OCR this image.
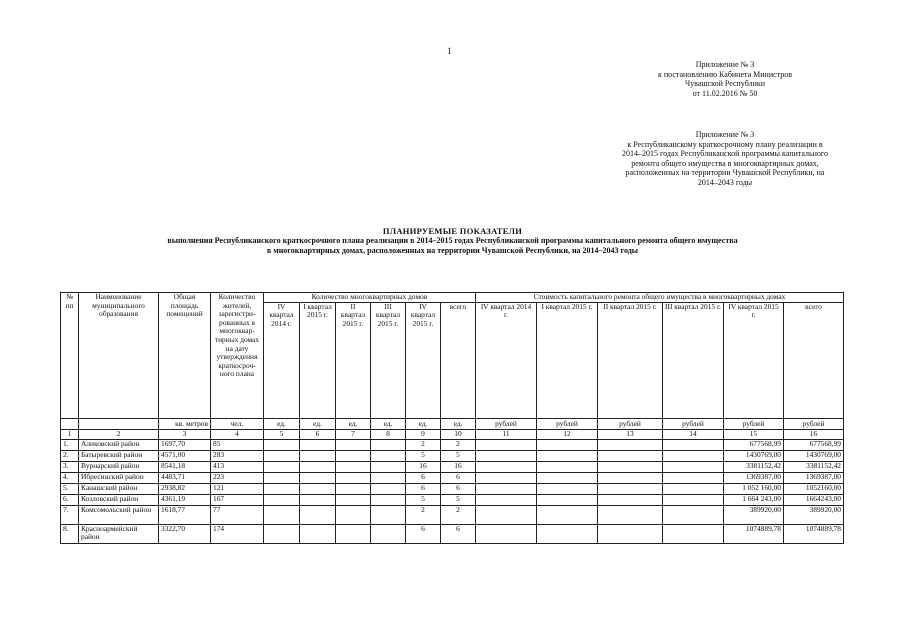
1
Приложение № 3
к постановлению Кабинета Министров
Чувашской Республики
от 11.02.2016 № 50
Приложение № 3
к Республиканскому краткосрочному плану реализации в
2014–2015 годах Республиканской программы капитального
ремонта общего имущества в многоквартирных домах,
расположенных на территории Чувашской Республики, на
2014–2043 годы
ПЛАНИРУЕМЫЕ ПОКАЗАТЕЛИ
выполнения Республиканского краткосрочного плана реализации в 2014–2015 годах Республиканской программы капитального ремонта общего имущества
в многоквартирных домах, расположенных на территории Чувашской Республики, на 2014–2043 годы
№ пп	Наименование муниципального образования	Общая площадь помещений	Количество жителей, зарегистри-рованных в многоквар-тирных домах на дату утверждения краткосроч-ного плана	Количество многоквартирных домов						Стоимость капитального ремонта общего имущества в многоквартирных домах					
				IV квартал 2014 г.	I квартал 2015 г.	II квартал 2015 г.	III квартал 2015 г.	IV квартал 2015 г.	всего	IV квартал 2014 г.	I квартал 2015 г.	II квартал 2015 г.	III квартал 2015 г.	IV квартал 2015 г.	всего
		кв. метров	чел.	ед.	ед.	ед.	ед.	ед.	ед.	рублей	рублей	рублей	рублей	рублей	рублей
1	2	3	4	5	6	7	8	9	10	11	12	13	14	15	16
1.	Аликовский район	1697,70	85					2	2					677568,99	677568,99
2.	Батыревский район	4571,00	283					5	5					1430769,00	1430769,00
3.	Вурнарский район	8541,18	413					16	16					3381152,42	3381152,42
4.	Ибресинский район	4483,71	223					6	6					1369387,00	1369387,00
5.	Канашский район	2938,82	121					6	6					1 052 160,00	1052160,00
6.	Козловский район	4361,19	167					5	5					1 664 243,00	1664243,00
7.	Комсомольский район	1618,77	77					2	2					389920,00	389920,00
8.	Красноармейский район	3322,70	174					6	6					1074889,78	1074889,78
